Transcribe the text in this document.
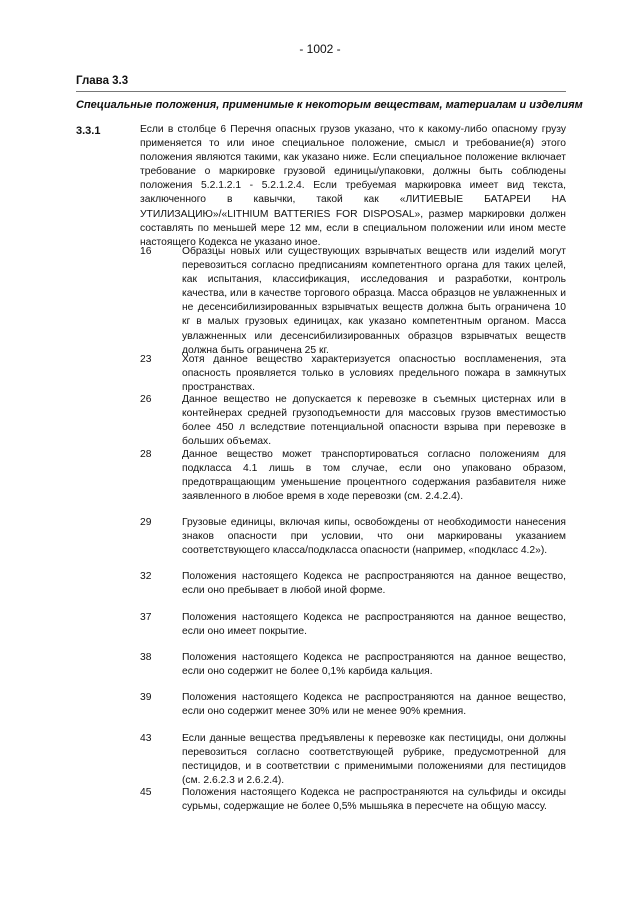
- 1002 -
Глава 3.3
Специальные положения, применимые к некоторым веществам, материалам и изделиям
3.3.1	Если в столбце 6 Перечня опасных грузов указано, что к какому-либо опасному грузу применяется то или иное специальное положение, смысл и требование(я) этого положения являются такими, как указано ниже. Если специальное положение включает требование о маркировке грузовой единицы/упаковки, должны быть соблюдены положения 5.2.1.2.1 - 5.2.1.2.4. Если требуемая маркировка имеет вид текста, заключенного в кавычки, такой как «ЛИТИЕВЫЕ БАТАРЕИ НА УТИЛИЗАЦИЮ»/«LITHIUM BATTERIES FOR DISPOSAL», размер маркировки должен составлять по меньшей мере 12 мм, если в специальном положении или ином месте настоящего Кодекса не указано иное.
16	Образцы новых или существующих взрывчатых веществ или изделий могут перевозиться согласно предписаниям компетентного органа для таких целей, как испытания, классификация, исследования и разработки, контроль качества, или в качестве торгового образца. Масса образцов не увлажненных и не десенсибилизированных взрывчатых веществ должна быть ограничена 10 кг в малых грузовых единицах, как указано компетентным органом. Масса увлажненных или десенсибилизированных образцов взрывчатых веществ должна быть ограничена 25 кг.
23	Хотя данное вещество характеризуется опасностью воспламенения, эта опасность проявляется только в условиях предельного пожара в замкнутых пространствах.
26	Данное вещество не допускается к перевозке в съемных цистернах или в контейнерах средней грузоподъемности для массовых грузов вместимостью более 450 л вследствие потенциальной опасности взрыва при перевозке в больших объемах.
28	Данное вещество может транспортироваться согласно положениям для подкласса 4.1 лишь в том случае, если оно упаковано образом, предотвращающим уменьшение процентного содержания разбавителя ниже заявленного в любое время в ходе перевозки (см. 2.4.2.4).
29	Грузовые единицы, включая кипы, освобождены от необходимости нанесения знаков опасности при условии, что они маркированы указанием соответствующего класса/подкласса опасности (например, «подкласс 4.2»).
32	Положения настоящего Кодекса не распространяются на данное вещество, если оно пребывает в любой иной форме.
37	Положения настоящего Кодекса не распространяются на данное вещество, если оно имеет покрытие.
38	Положения настоящего Кодекса не распространяются на данное вещество, если оно содержит не более 0,1% карбида кальция.
39	Положения настоящего Кодекса не распространяются на данное вещество, если оно содержит менее 30% или не менее 90% кремния.
43	Если данные вещества предъявлены к перевозке как пестициды, они должны перевозиться согласно соответствующей рубрике, предусмотренной для пестицидов, и в соответствии с применимыми положениями для пестицидов (см. 2.6.2.3 и 2.6.2.4).
45	Положения настоящего Кодекса не распространяются на сульфиды и оксиды сурьмы, содержащие не более 0,5% мышьяка в пересчете на общую массу.
